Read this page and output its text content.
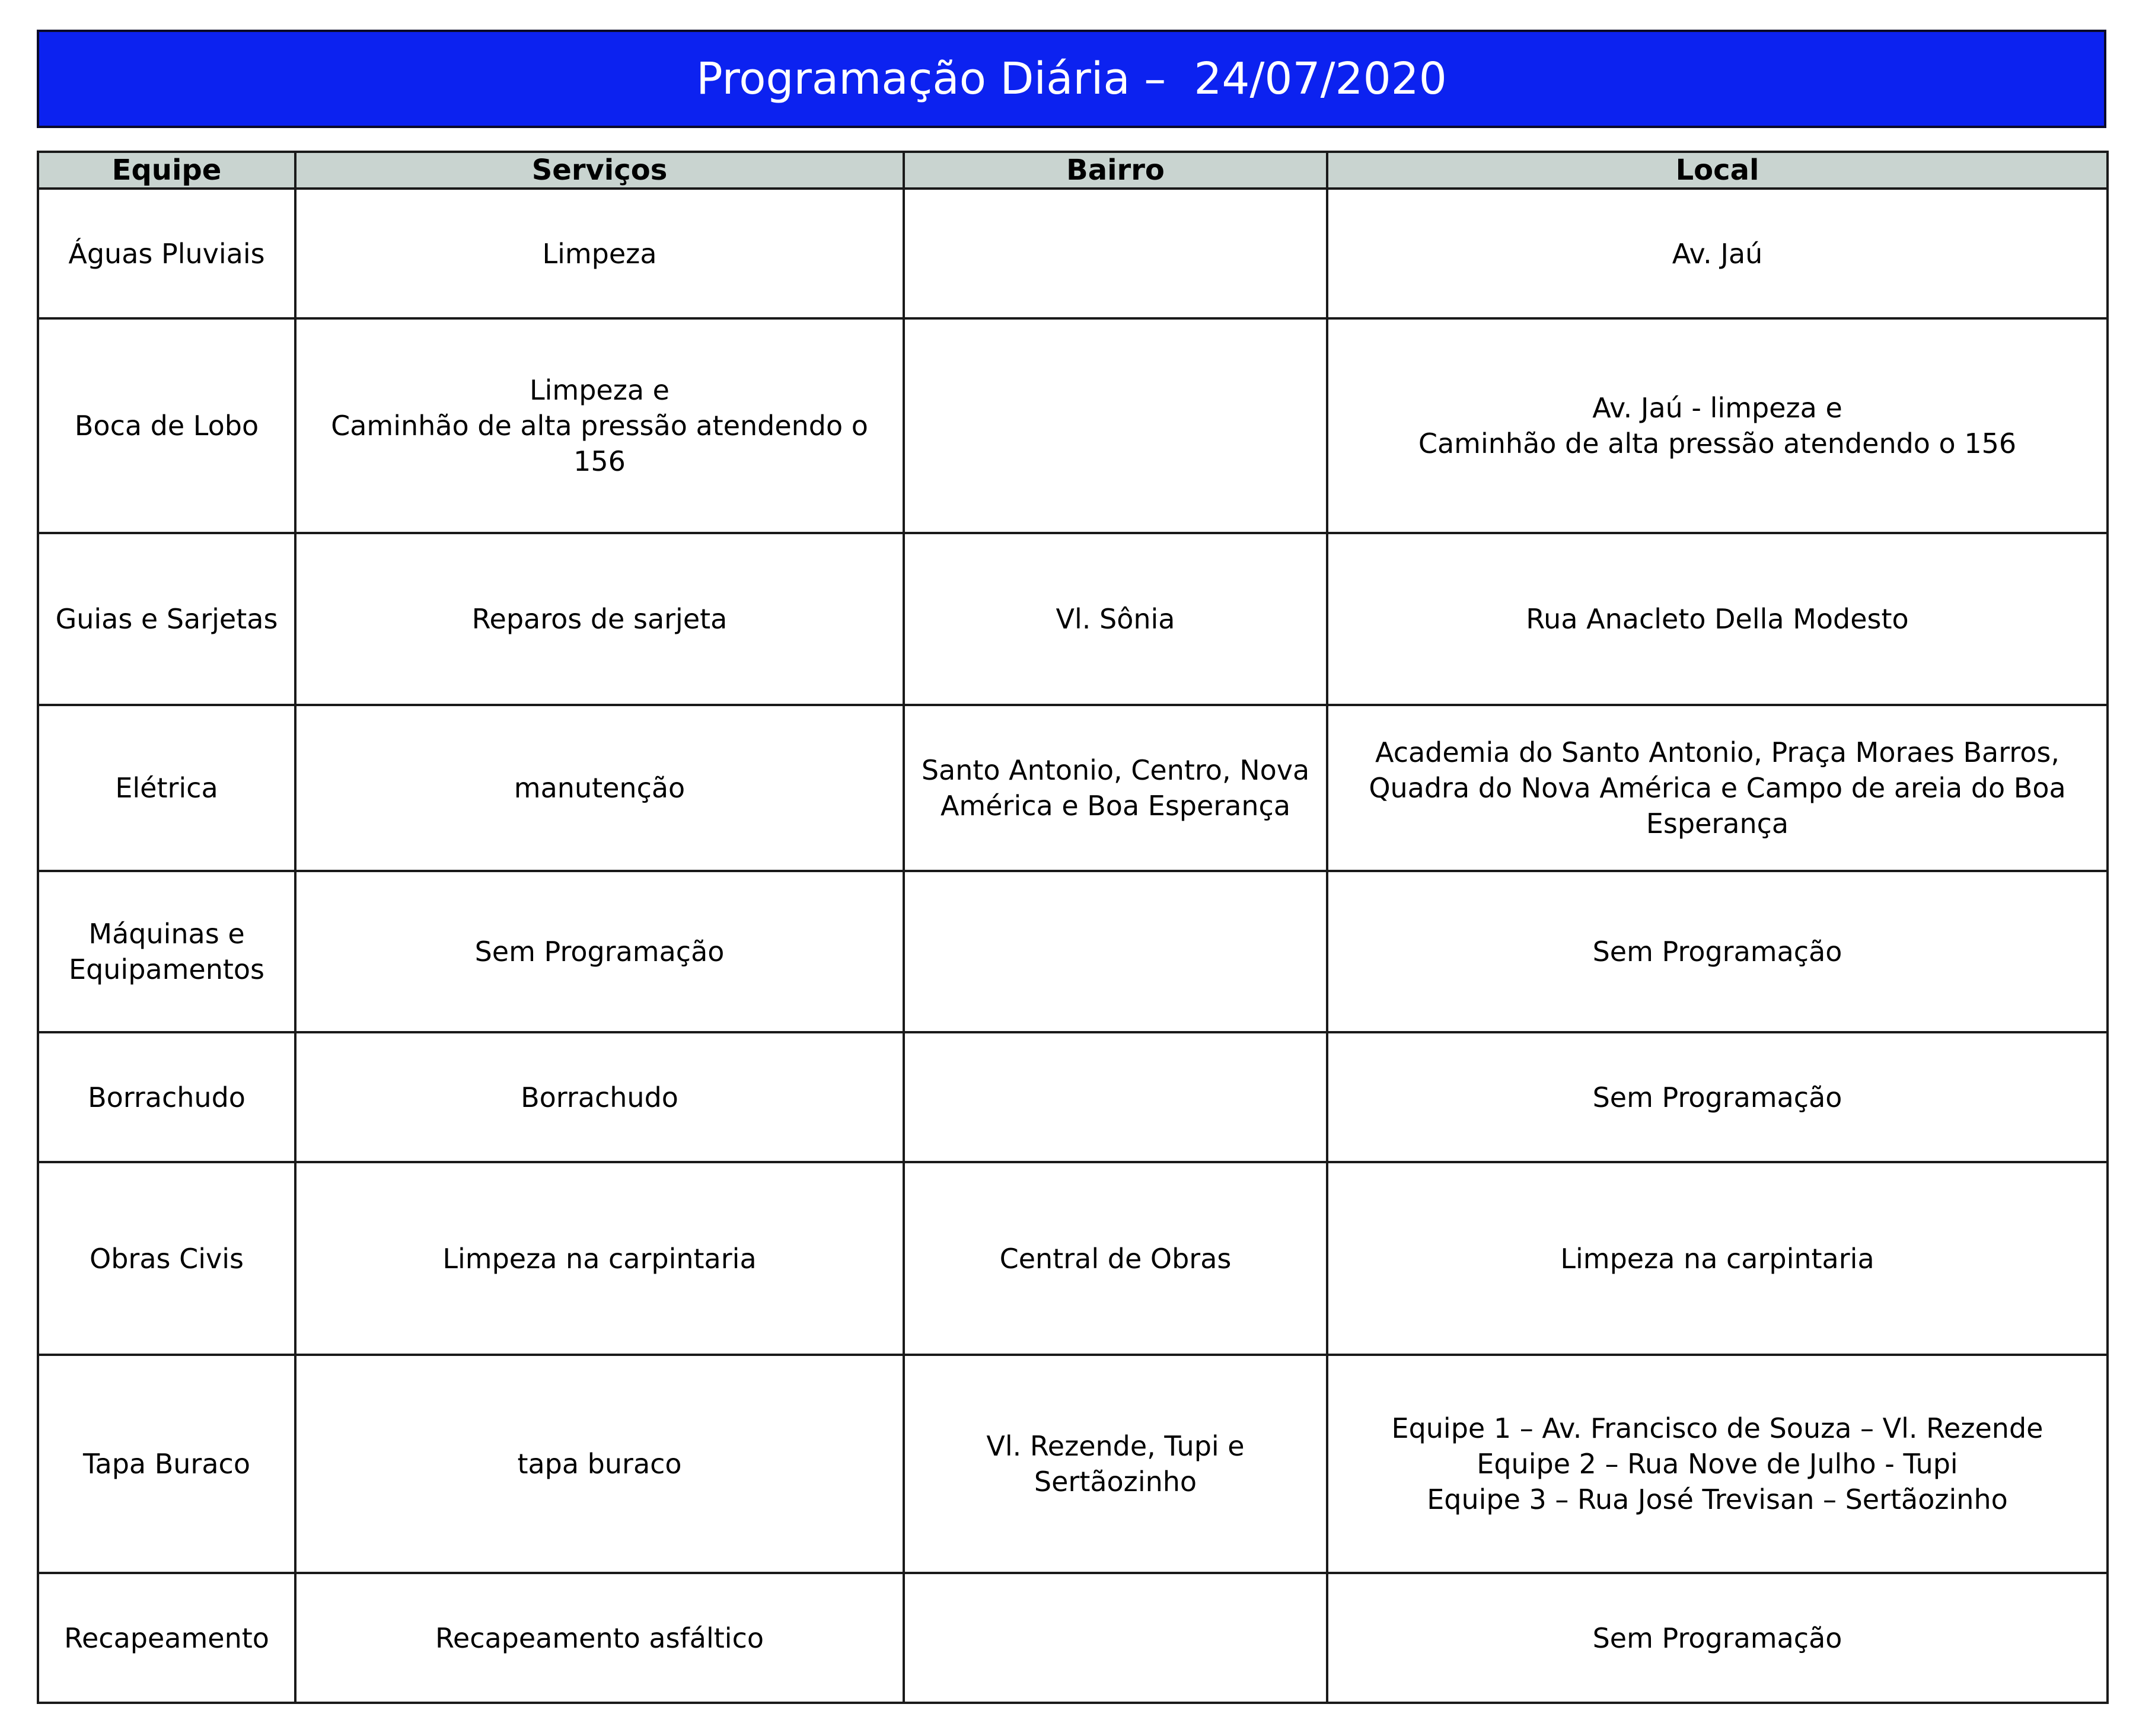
Programação Diária –  24/07/2020
Equipe	Serviços	Bairro	Local
Águas Pluviais	Limpeza		Av. Jaú
Boca de Lobo	Limpeza e
Caminhão de alta pressão atendendo o 156		Av. Jaú - limpeza e
Caminhão de alta pressão atendendo o 156
Guias e Sarjetas	Reparos de sarjeta	Vl. Sônia	Rua Anacleto Della Modesto
Elétrica	manutenção	Santo Antonio, Centro, Nova
América e Boa Esperança	Academia do Santo Antonio, Praça Moraes Barros,
Quadra do Nova América e Campo de areia do Boa
Esperança
Máquinas e
Equipamentos	Sem Programação		Sem Programação
Borrachudo	Borrachudo		Sem Programação
Obras Civis	Limpeza na carpintaria	Central de Obras	Limpeza na carpintaria
Tapa Buraco	tapa buraco	Vl. Rezende, Tupi e
Sertãozinho	Equipe 1 – Av. Francisco de Souza – Vl. Rezende
Equipe 2 – Rua Nove de Julho - Tupi
Equipe 3 – Rua José Trevisan – Sertãozinho
Recapeamento	Recapeamento asfáltico		Sem Programação
